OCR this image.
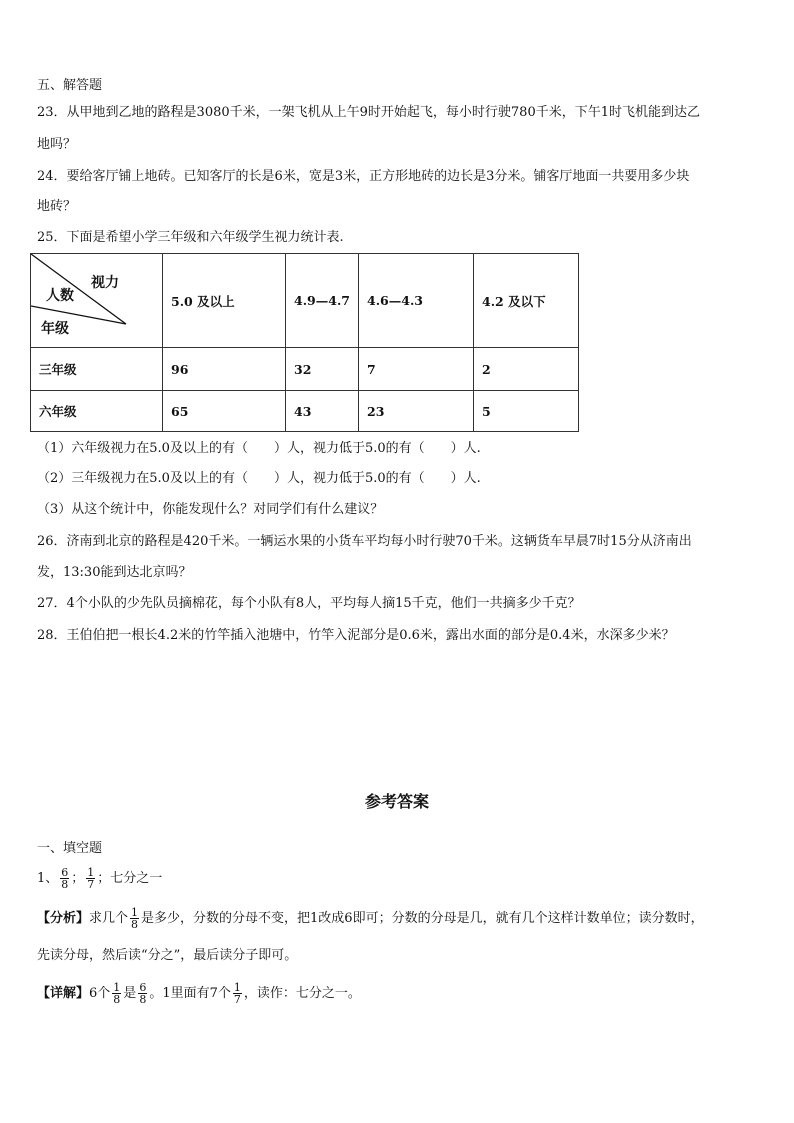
五、解答题
23．从甲地到乙地的路程是3080千米，一架飞机从上午9时开始起飞，每小时行驶780千米，下午1时飞机能到达乙
地吗？
24．要给客厅铺上地砖。已知客厅的长是6米，宽是3米，正方形地砖的边长是3分米。铺客厅地面一共要用多少块
地砖？
25．下面是希望小学三年级和六年级学生视力统计表.
视力
人数
年级	5.0 及以上	4.9—4.7	4.6—4.3	4.2 及以下
三年级	96	32	7	2
六年级	65	43	23	5
（1）六年级视力在5.0及以上的有（　　）人，视力低于5.0的有（　　）人.
（2）三年级视力在5.0及以上的有（　　）人，视力低于5.0的有（　　）人.
（3）从这个统计中，你能发现什么？对同学们有什么建议？
26．济南到北京的路程是420千米。一辆运水果的小货车平均每小时行驶70千米。这辆货车早晨7时15分从济南出
发，13:30能到达北京吗？
27．4个小队的少先队员摘棉花，每个小队有8人，平均每人摘15千克，他们一共摘多少千克？
28．王伯伯把一根长4.2米的竹竿插入池塘中，竹竿入泥部分是0.6米，露出水面的部分是0.4米，水深多少米？
参考答案
一、填空题
1、 $\frac{6}{8}$ ； $\frac{1}{7}$ ；七分之一
【分析】求几个 $\frac{1}{8}$ 是多少，分数的分母不变，把1改成6即可；分数的分母是几，就有几个这样计数单位；读分数时，
先读分母，然后读“分之”，最后读分子即可。
【详解】6个 $\frac{1}{8}$ 是 $\frac{6}{8}$ 。1里面有7个 $\frac{1}{7}$ ，读作：七分之一。
